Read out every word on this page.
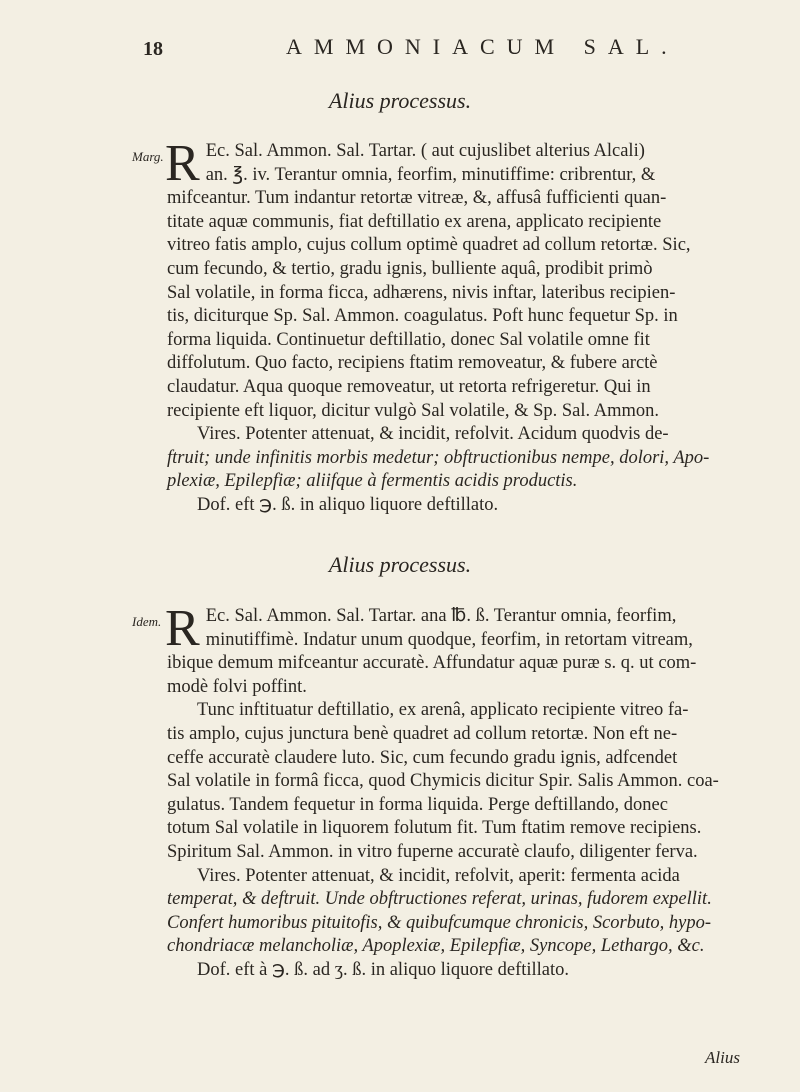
18	AMMONIACUM SAL.
Alius processus.
Marg. R Ec. Sal. Ammon. Sal. Tartar. ( aut cujuslibet alterius Alcali)
an. ℥. iv. Terantur omnia, feorfim, minutiffime: cribrentur, &
mifceantur. Tum indantur retortæ vitreæ, &, affusâ fufficienti quan-
titate aquæ communis, fiat deftillatio ex arena, applicato recipiente
vitreo fatis amplo, cujus collum optimè quadret ad collum retortæ. Sic,
cum fecundo, & tertio, gradu ignis, bulliente aquâ, prodibit primò
Sal volatile, in forma ficca, adhærens, nivis inftar, lateribus recipien-
tis, diciturque Sp. Sal. Ammon. coagulatus. Poft hunc fequetur Sp. in
forma liquida. Continuetur deftillatio, donec Sal volatile omne fit
diffolutum. Quo facto, recipiens ftatim removeatur, & fubere arctè
claudatur. Aqua quoque removeatur, ut retorta refrigeretur. Qui in
recipiente eft liquor, dicitur vulgò Sal volatile, & Sp. Sal. Ammon.
Vires. Potenter attenuat, & incidit, refolvit. Acidum quodvis de-
ftruit; unde infinitis morbis medetur; obftructionibus nempe, dolori, Apo-
plexiæ, Epilepfiæ; aliifque à fermentis acidis productis.
Dof. eft ℈. ß. in aliquo liquore deftillato.
Alius processus.
Idem. R Ec. Sal. Ammon. Sal. Tartar. ana ℔. ß. Terantur omnia, feorfim,
minutiffimè. Indatur unum quodque, feorfim, in retortam vitream,
ibique demum mifceantur accuratè. Affundatur aquæ puræ s. q. ut com-
modè folvi poffint.
Tunc inftituatur deftillatio, ex arenâ, applicato recipiente vitreo fa-
tis amplo, cujus junctura benè quadret ad collum retortæ. Non eft ne-
ceffe accuratè claudere luto. Sic, cum fecundo gradu ignis, adfcendet
Sal volatile in formâ ficca, quod Chymicis dicitur Spir. Salis Ammon. coa-
gulatus. Tandem fequetur in forma liquida. Perge deftillando, donec
totum Sal volatile in liquorem folutum fit. Tum ftatim remove recipiens.
Spiritum Sal. Ammon. in vitro fuperne accuratè claufo, diligenter ferva.
Vires. Potenter attenuat, & incidit, refolvit, aperit: fermenta acida
temperat, & deftruit. Unde obftructiones referat, urinas, fudorem expellit.
Confert humoribus pituitofis, & quibufcumque chronicis, Scorbuto, hypo-
chondriacæ melancholiæ, Apoplexiæ, Epilepfiæ, Syncope, Lethargo, &c.
Dof. eft à ℈. ß. ad ʒ. ß. in aliquo liquore deftillato.
Alius
